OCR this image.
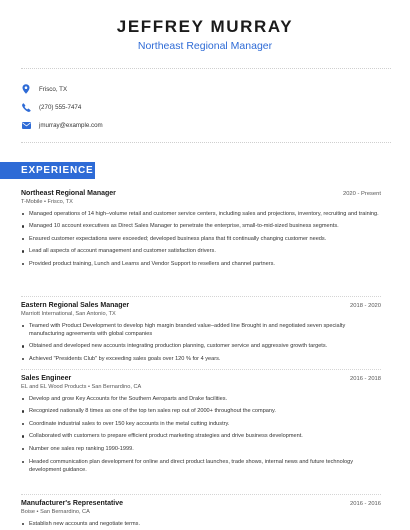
JEFFREY MURRAY
Northeast Regional Manager
Frisco, TX
(270) 555-7474
jmurray@example.com
EXPERIENCE
Northeast Regional Manager	2020 - Present
T-Mobile • Frisco, TX
Managed operations of 14 high–volume retail and customer service centers, including sales and projections, inventory, recruiting and training.
Managed 10 account executives as Direct Sales Manager to penetrate the enterprise, small-to-mid-sized business segments.
Ensured customer expectations were exceeded; developed business plans that fit continually changing customer needs.
Lead all aspects of account management and customer satisfaction drivers.
Provided product training, Lunch and Learns and Vendor Support to resellers and channel partners.
Eastern Regional Sales Manager	2018 - 2020
Marriott International, San Antonio, TX
Teamed with Product Development to develop high margin branded value–added line Brought in and negotiated seven specialty manufacturing agreements with global companies
Obtained and developed new accounts integrating production planning, customer service and aggressive growth targets.
Achieved "Presidents Club" by exceeding sales goals over 120 % for 4 years.
Sales Engineer	2016 - 2018
EL and EL Wood Products • San Bernardino, CA
Develop and grow Key Accounts for the Southern Aeroparts and Drake facilities.
Recognized nationally 8 times as one of the top ten sales rep out of 2000+ throughout the company.
Coordinate industrial sales to over 150 key accounts in the metal cutting industry.
Collaborated with customers to prepare efficient product marketing strategies and drive business development.
Number one sales rep ranking 1990-1999.
Headed communication plan development for online and direct product launches, trade shows, internal news and future technology development guidance.
Manufacturer's Representative	2016 - 2016
Boise • San Bernardino, CA
Establish new accounts and negotiate terms.
